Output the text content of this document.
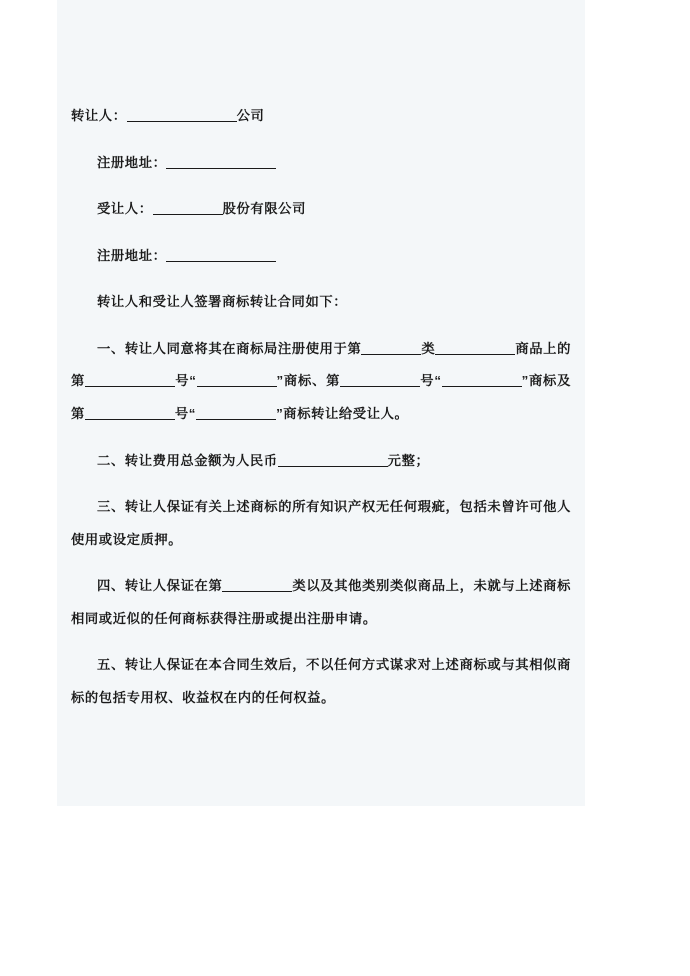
转让人：	公司

注册地址：

受让人：	股份有限公司

注册地址：

转让人和受让人签署商标转让合同如下：

一、转让人同意将其在商标局注册使用于第	类	商品上的第	号“	”商标、第	号“	”商标及第	号“	”商标转让给受让人。

二、转让费用总金额为人民币	元整；

三、转让人保证有关上述商标的所有知识产权无任何瑕疵，包括未曾许可他人使用或设定质押。

四、转让人保证在第	类以及其他类别类似商品上，未就与上述商标相同或近似的任何商标获得注册或提出注册申请。

五、转让人保证在本合同生效后，不以任何方式谋求对上述商标或与其相似商标的包括专用权、收益权在内的任何权益。
